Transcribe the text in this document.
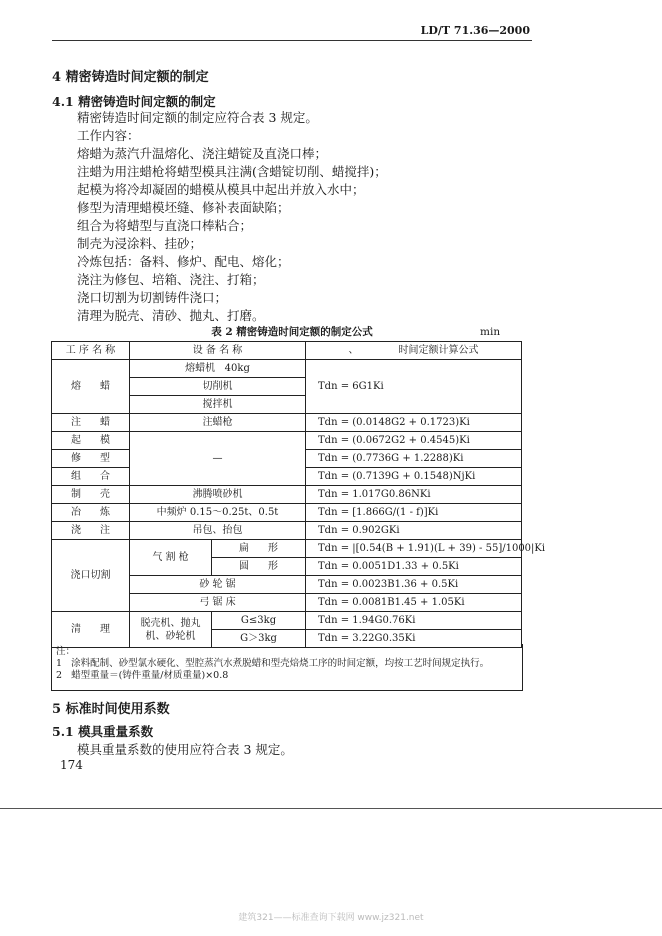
LD/T 71.36—2000
4 精密铸造时间定额的制定
4.1 精密铸造时间定额的制定
精密铸造时间定额的制定应符合表 3 规定。
工作内容：
熔蜡为蒸汽升温熔化、浇注蜡锭及直浇口棒；
注蜡为用注蜡枪将蜡型模具注满(含蜡锭切削、蜡搅拌)；
起模为将冷却凝固的蜡模从模具中起出并放入水中；
修型为清理蜡模坯缝、修补表面缺陷；
组合为将蜡型与直浇口棒粘合；
制壳为浸涂料、挂砂；
冷炼包括：备料、修炉、配电、熔化；
浇注为修包、培箱、浇注、打箱；
浇口切割为切割铸件浇口；
清理为脱壳、清砂、抛丸、打磨。
表 2 精密铸造时间定额的制定公式	min
工 序 名 称	设 备 名 称		、 时间定额计算公式
熔      蜡	熔蜡机   40kg		Tdn = 6G1Ki
	切削机		
	搅拌机		
注      蜡	注蜡枪		Tdn = (0.0148G2 + 0.1723)Ki
起      模	—		Tdn = (0.0672G2 + 0.4545)Ki
修      型			Tdn = (0.7736G + 1.2288)Ki
组      合			Tdn = (0.7139G + 0.1548)NjKi
制      壳	沸腾喷砂机		Tdn = 1.017G0.86NKi
冶      炼	中频炉 0.15～0.25t、0.5t		Tdn = [1.866G/(1 - f)]Ki
浇      注	吊包、抬包		Tdn = 0.902GKi
浇口切割	气 割 枪	扁      形	Tdn = |[0.54(B + 1.91)(L + 39) - 55]/1000|Ki
		圆      形	Tdn = 0.0051D1.33 + 0.5Ki
	砂 轮 锯		Tdn = 0.0023B1.36 + 0.5Ki
	弓 锯 床		Tdn = 0.0081B1.45 + 1.05Ki
清      理	脱壳机、抛丸机、砂轮机	G≤3kg	Tdn = 1.94G0.76Ki
		G＞3kg	Tdn = 3.22G0.35Ki
注：
1   涂料配制、砂型氯水硬化、型腔蒸汽水煮脱蜡和型壳焙烧工序的时间定额，均按工艺时间规定执行。
2   蜡型重量＝(铸件重量/材质重量)×0.8
5 标准时间使用系数
5.1 模具重量系数
模具重量系数的使用应符合表 3 规定。
174
建筑321——标准查询下载网 www.jz321.net
